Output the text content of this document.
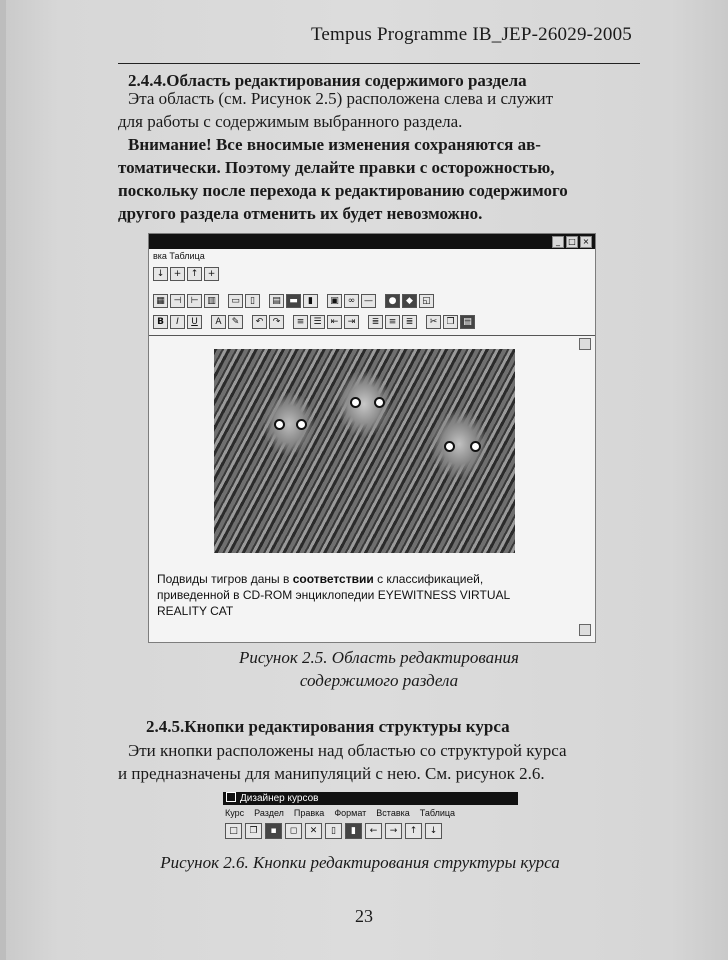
Tempus Programme IB_JEP-26029-2005
2.4.4.Область редактирования содержимого раздела
Эта область (см. Рисунок 2.5) расположена слева и служит
для работы с содержимым выбранного раздела.
Внимание! Все вносимые изменения сохраняются ав-
томатически. Поэтому делайте правки с осторожностью,
поскольку после перехода к редактированию содержимого
другого раздела отменить их будет невозможно.
_	□ ×
вка Таблица
↓	+	↑	+
▦ ⊣	⊢ ▥	▭	▯	▤ ▬	▮	▣	∞ —	●	◆	◱
B	I	U	A	✎	↶	↷	≡	☰	⇤	⇥	≣	≡	≣	✂	❐ ▤
Подвиды тигров даны в соответствии с классификацией,
приведенной в CD-ROM энциклопедии EYEWITNESS VIRTUAL
REALITY CAT
Рисунок 2.5. Область редактирования
содержимого раздела
2.4.5.Кнопки редактирования структуры курса
Эти кнопки расположены над областью со структурой курса
и предназначены для манипуляций с нею. См. рисунок 2.6.
Дизайнер курсов
Курс Раздел Правка Формат Вставка Таблица
□	❐	▪	◻	✕	▯	▮	←	→	↑	↓
Рисунок 2.6. Кнопки редактирования структуры курса
23
